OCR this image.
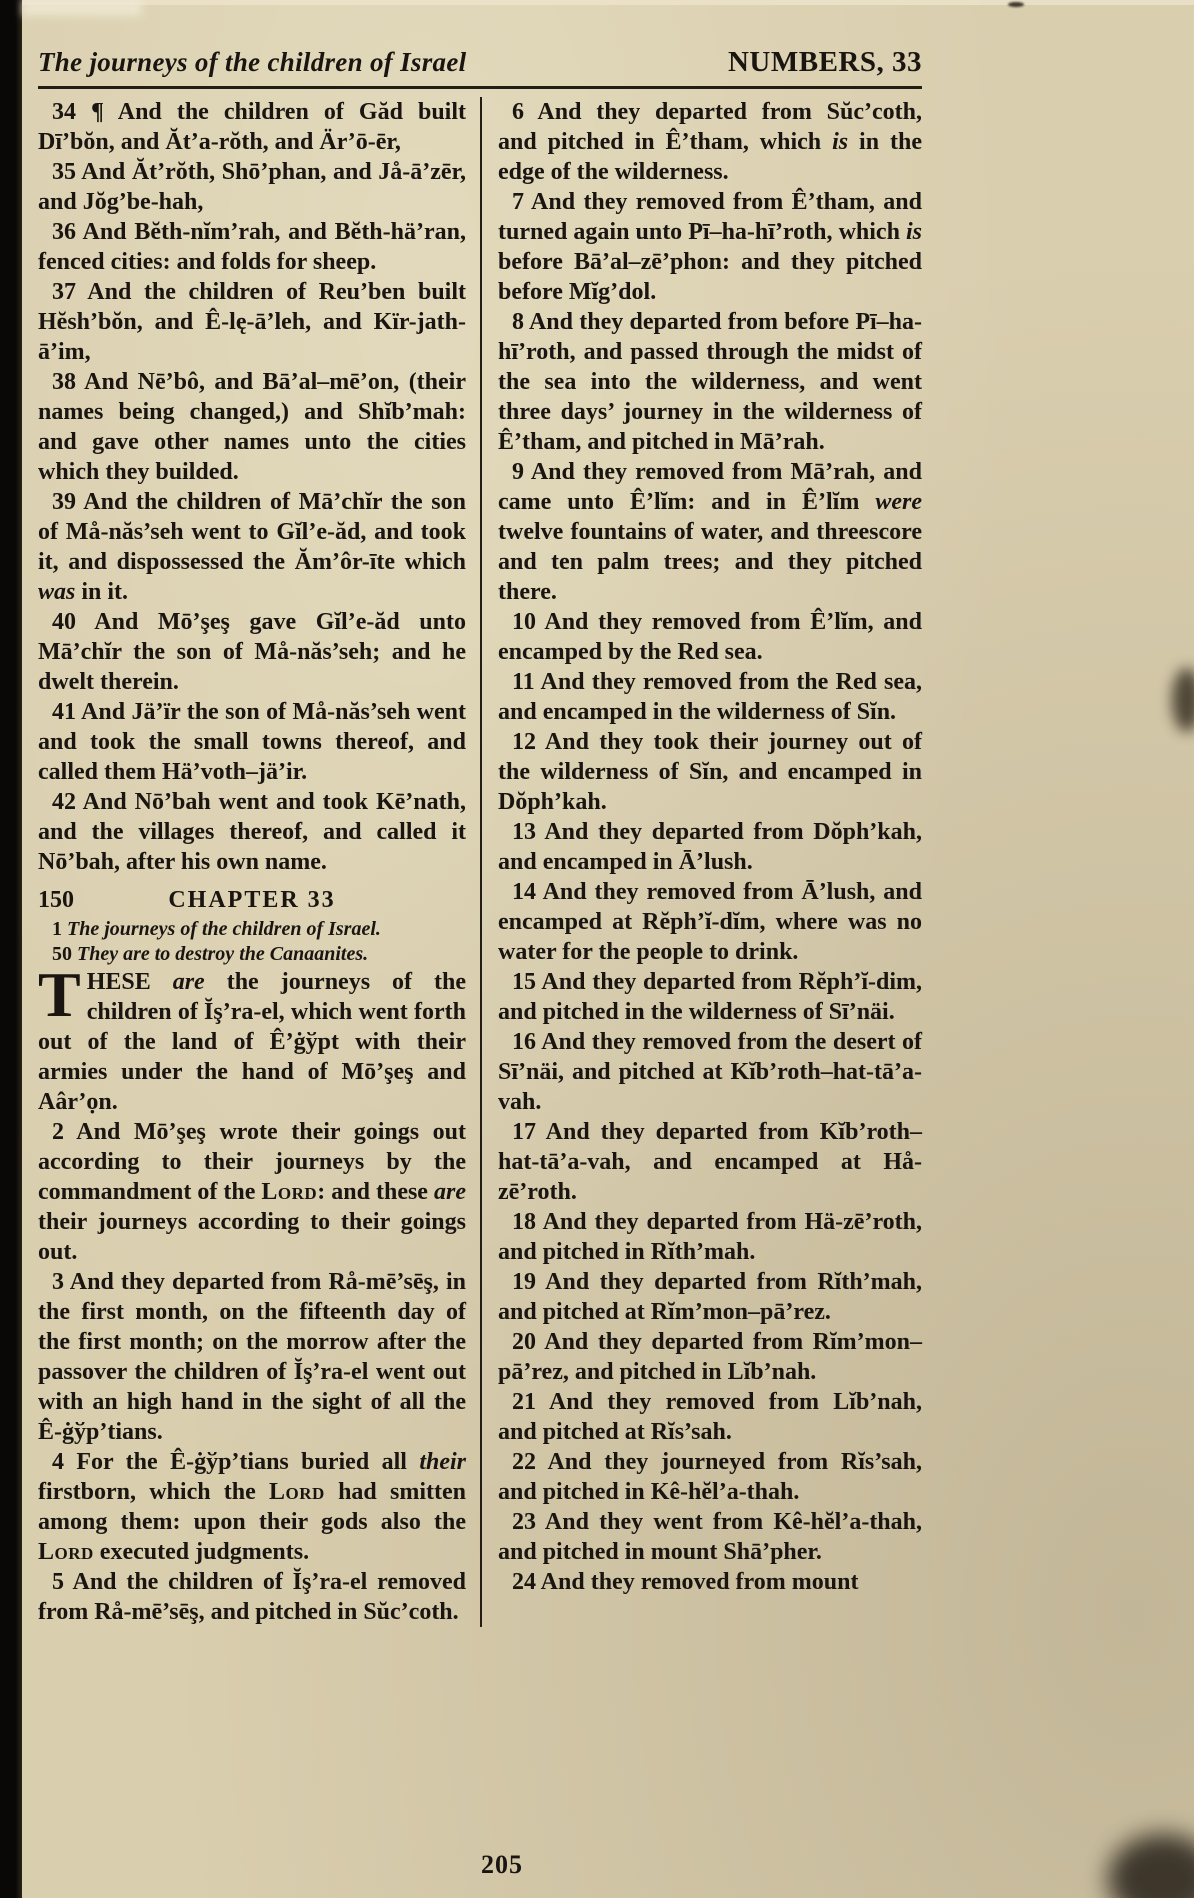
The journeys of the children of Israel	NUMBERS, 33

34 ¶ And the children of Găd built Dī’bŏn, and Ăt’a-rŏth, and Är’ō-ēr,

35 And Ăt’rŏth, Shō’phan, and Jå-ā’zēr, and Jŏg’be-hah,

36 And Bĕth-nĭm’rah, and Bĕth-hä’ran, fenced cities: and folds for sheep.

37 And the children of Reu’ben built Hĕsh’bŏn, and Ê-lę-ā’leh, and Kïr-jath-ā’im,

38 And Nē’bô, and Bā’al–mē’on, (their names being changed,) and Shĭb’mah: and gave other names unto the cities which they builded.

39 And the children of Mā’chĭr the son of Må-năs’seh went to Gĭl’e-ăd, and took it, and dispossessed the Ăm’ôr-īte which was in it.

40 And Mō’şeş gave Gĭl’e-ăd unto Mā’chĭr the son of Må-năs’seh; and he dwelt therein.

41 And Jä’ïr the son of Må-năs’seh went and took the small towns thereof, and called them Hä’voth–jä’ir.

42 And Nō’bah went and took Kē’nath, and the villages thereof, and called it Nō’bah, after his own name.

150	CHAPTER 33

1 The journeys of the children of Israel.

50 They are to destroy the Canaanites.

THESE are the journeys of the children of Ĭş’ra-el, which went forth out of the land of Ê’ġўpt with their armies under the hand of Mō’şeş and Aâr’ọn.

2 And Mō’şeş wrote their goings out according to their journeys by the commandment of the Lord: and these are their journeys according to their goings out.

3 And they departed from Rå-mē’sēş, in the first month, on the fifteenth day of the first month; on the morrow after the passover the children of Ĭş’ra-el went out with an high hand in the sight of all the Ê-ġўp’tians.

4 For the Ê-ġўp’tians buried all their firstborn, which the Lord had smitten among them: upon their gods also the Lord executed judgments.

5 And the children of Ĭş’ra-el removed from Rå-mē’sēş, and pitched in Sŭc’coth.

6 And they departed from Sŭc’coth, and pitched in Ê’tham, which is in the edge of the wilderness.

7 And they removed from Ê’tham, and turned again unto Pī–ha-hī’roth, which is before Bā’al–zē’phon: and they pitched before Mĭg’dol.

8 And they departed from before Pī–ha-hī’roth, and passed through the midst of the sea into the wilderness, and went three days’ journey in the wilderness of Ê’tham, and pitched in Mā’rah.

9 And they removed from Mā’rah, and came unto Ê’lĭm: and in Ê’lĭm were twelve fountains of water, and threescore and ten palm trees; and they pitched there.

10 And they removed from Ê’lĭm, and encamped by the Red sea.

11 And they removed from the Red sea, and encamped in the wilderness of Sĭn.

12 And they took their journey out of the wilderness of Sĭn, and encamped in Dŏph’kah.

13 And they departed from Dŏph’kah, and encamped in Ā’lush.

14 And they removed from Ā’lush, and encamped at Rĕph’ĭ-dĭm, where was no water for the people to drink.

15 And they departed from Rĕph’ĭ-dim, and pitched in the wilderness of Sī’näi.

16 And they removed from the desert of Sī’näi, and pitched at Kĭb’roth–hat-tā’a-vah.

17 And they departed from Kĭb’roth–hat-tā’a-vah, and encamped at Hå-zē’roth.

18 And they departed from Hä-zē’roth, and pitched in Rĭth’mah.

19 And they departed from Rĭth’mah, and pitched at Rĭm’mon–pā’rez.

20 And they departed from Rĭm’mon–pā’rez, and pitched in Lĭb’nah.

21 And they removed from Lĭb’nah, and pitched at Rĭs’sah.

22 And they journeyed from Rĭs’sah, and pitched in Kê-hĕl’a-thah.

23 And they went from Kê-hĕl’a-thah, and pitched in mount Shā’pher.

24 And they removed from mount

205
